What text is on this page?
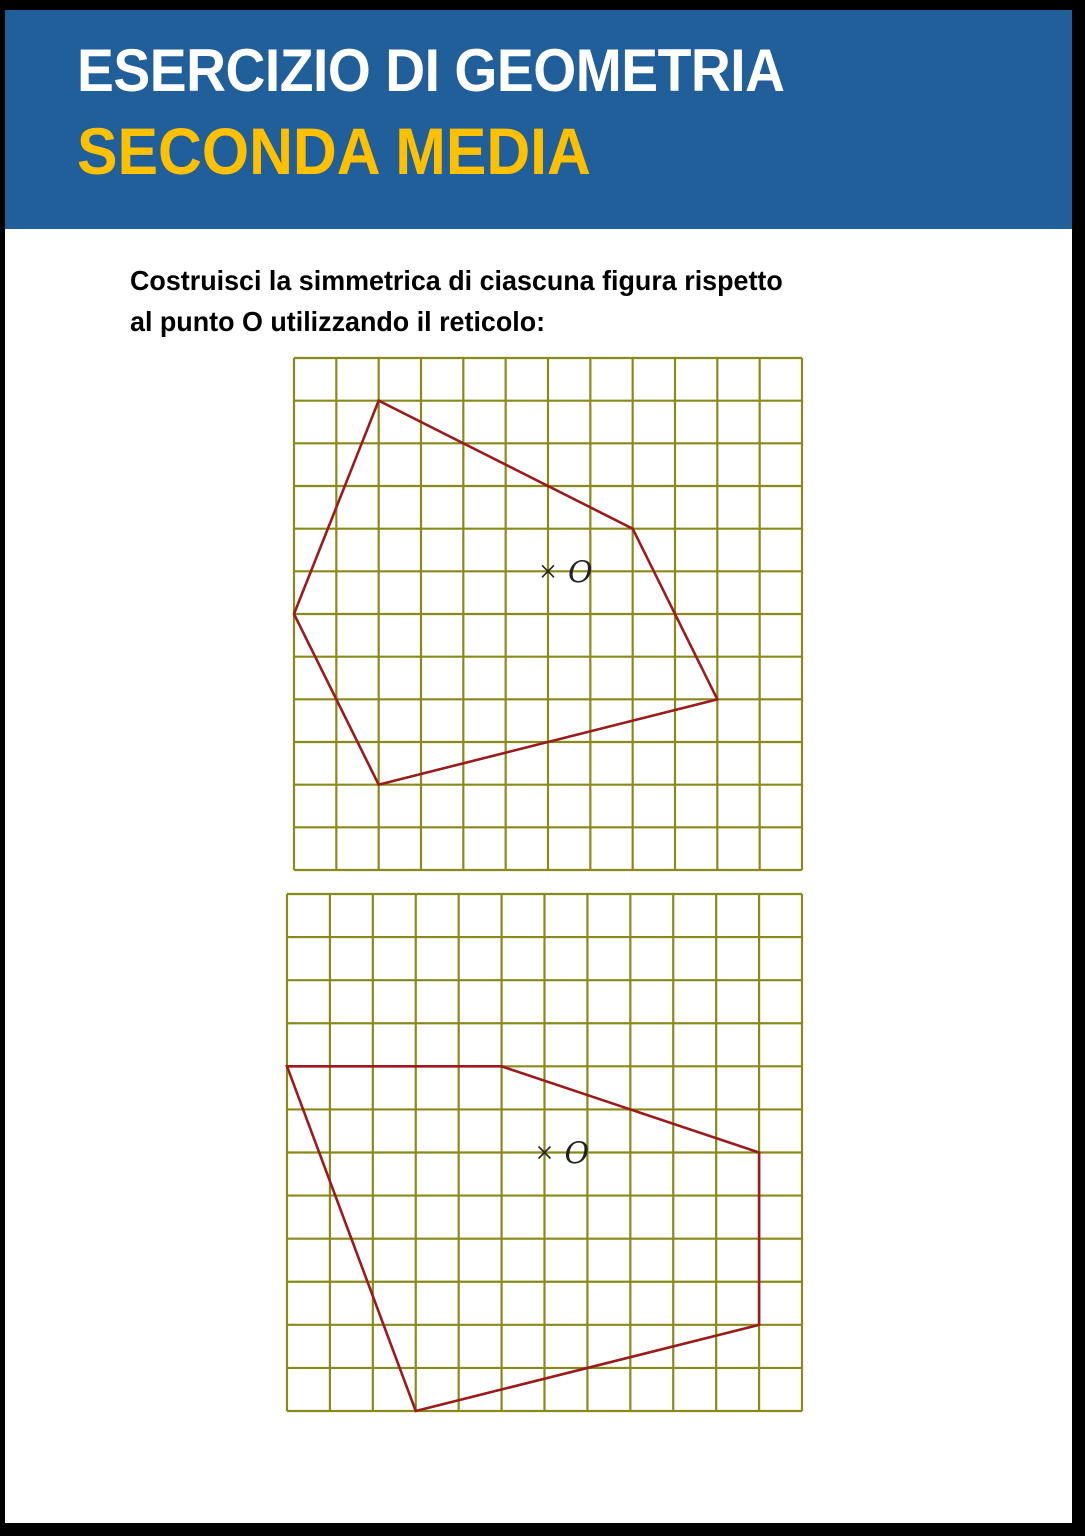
ESERCIZIO DI GEOMETRIA
SECONDA MEDIA
Costruisci la simmetrica di ciascuna figura rispetto
al punto O utilizzando il reticolo:
O
O
